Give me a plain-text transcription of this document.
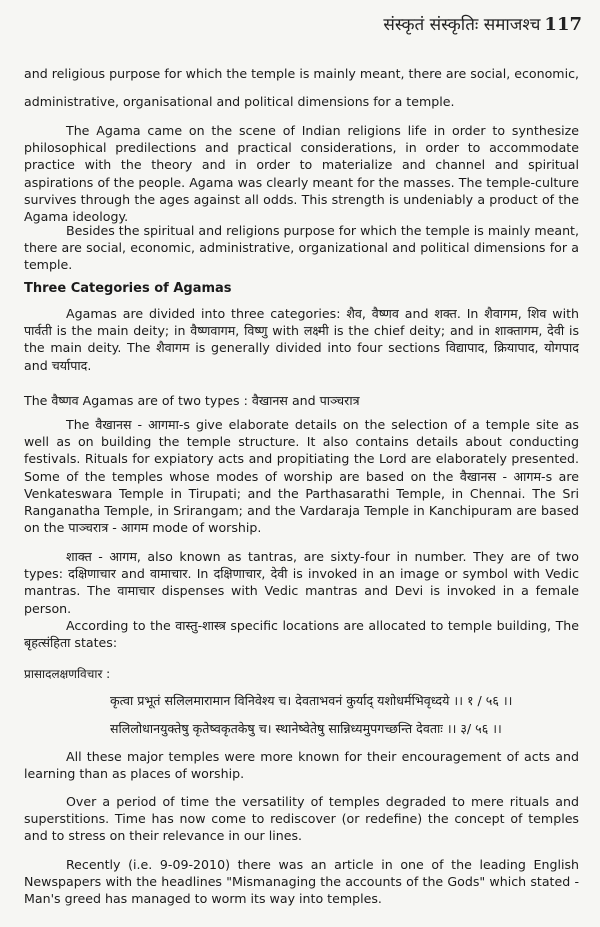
संस्कृतं संस्कृतिः समाजश्च 117

and religious purpose for which the temple is mainly meant, there are social, economic, administrative, organisational and political dimensions for a temple.

The Agama came on the scene of Indian religions life in order to synthesize philosophical predilections and practical considerations, in order to accommodate practice with the theory and in order to materialize and channel and spiritual aspirations of the people. Agama was clearly meant for the masses. The temple-culture survives through the ages against all odds. This strength is undeniably a product of the Agama ideology.

Besides the spiritual and religions purpose for which the temple is mainly meant, there are social, economic, administrative, organizational and political dimensions for a temple.

Three Categories of Agamas

Agamas are divided into three categories: शैव, वैष्णव and शक्त. In शैवागम, शिव with पार्वती is the main deity; in वैष्णवागम, विष्णु with लक्ष्मी is the chief deity; and in शाक्तागम, देवी is the main deity. The शैवागम is generally divided into four sections विद्यापाद, क्रियापाद, योगपाद and चर्यापाद.

The वैष्णव Agamas are of two types : वैखानस and पाञ्चरात्र

The वैखानस - आगमा-s give elaborate details on the selection of a temple site as well as on building the temple structure. It also contains details about conducting festivals. Rituals for expiatory acts and propitiating the Lord are elaborately presented. Some of the temples whose modes of worship are based on the वैखानस - आगम-s are Venkateswara Temple in Tirupati; and the Parthasarathi Temple, in Chennai. The Sri Ranganatha Temple, in Srirangam; and the Vardaraja Temple in Kanchipuram are based on the पाञ्चरात्र - आगम mode of worship.

शाक्त - आगम, also known as tantras, are sixty-four in number. They are of two types: दक्षिणाचार and वामाचार. In दक्षिणाचार, देवी is invoked in an image or symbol with Vedic mantras. The वामाचार dispenses with Vedic mantras and Devi is invoked in a female person.

According to the वास्तु-शास्त्र specific locations are allocated to temple building, The बृहत्संहिता states:

प्रासादलक्षणविचार :

कृत्वा प्रभूतं सलिलमारामान विनिवेश्य च। देवताभवनं कुर्याद् यशोधर्मभिवृध्दये ।। १ / ५६ ।।
सलिलोधानयुक्तेषु कृतेष्वकृतकेषु च। स्थानेष्वेतेषु सान्निध्यमुपगच्छन्ति देवताः ।। ३/ ५६ ।।

All these major temples were more known for their encouragement of acts and learning than as places of worship.

Over a period of time the versatility of temples degraded to mere rituals and superstitions. Time has now come to rediscover (or redefine) the concept of temples and to stress on their relevance in our lines.

Recently (i.e. 9-09-2010) there was an article in one of the leading English Newspapers with the headlines "Mismanaging the accounts of the Gods" which stated - Man's greed has managed to worm its way into temples.
